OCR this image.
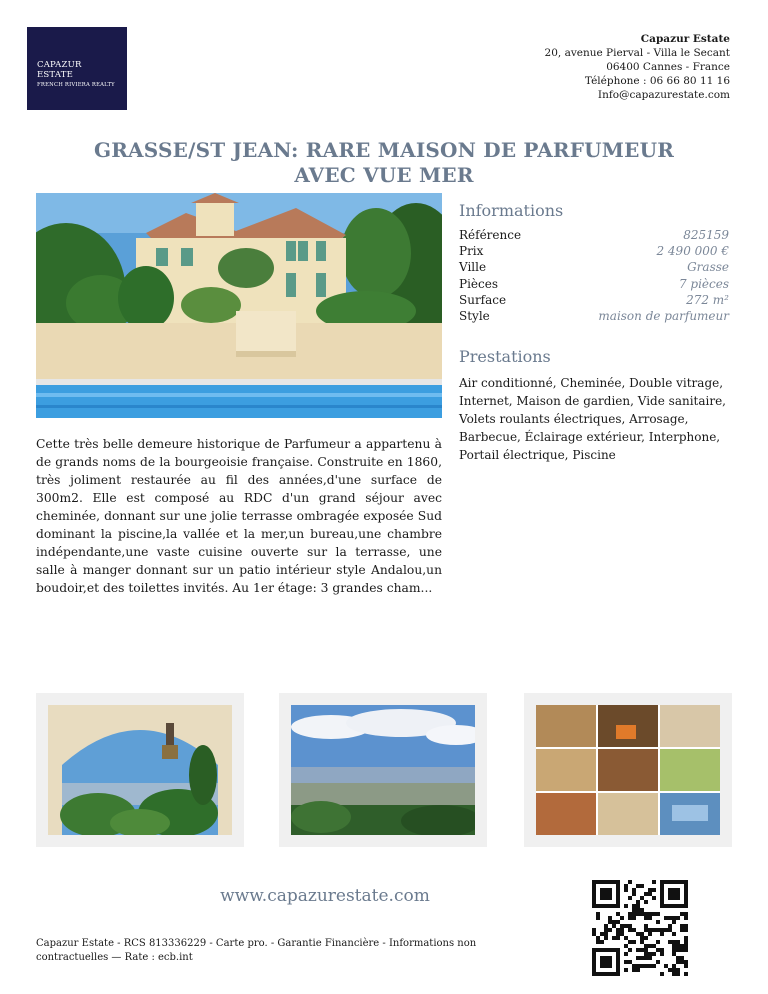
CAPAZUR ESTATE
FRENCH RIVIERA REALTY
Capazur Estate
20, avenue Pierval - Villa le Secant
06400 Cannes - France
Téléphone : 06 66 80 11 16
Info@capazurestate.com
GRASSE/ST JEAN: RARE MAISON DE PARFUMEUR
AVEC VUE MER

Cette très belle demeure historique de Parfumeur a appartenu à de grands noms de la bourgeoisie française. Construite en 1860, très joliment restaurée au fil des années,d'une surface de 300m2. Elle est composé au RDC d'un grand séjour avec cheminée, donnant sur une jolie terrasse ombragée exposée Sud dominant la piscine,la vallée et la mer,un bureau,une chambre indépendante,une vaste cuisine ouverte sur la terrasse, une salle à manger donnant sur un patio intérieur style Andalou,un boudoir,et des toilettes invités. Au 1er étage: 3 grandes cham...

Informations
Référence	825159
Prix	2 490 000 €
Ville	Grasse
Pièces	7 pièces
Surface	272 m²
Style	maison de parfumeur
Prestations

Air conditionné, Cheminée, Double vitrage, Internet, Maison de gardien, Vide sanitaire, Volets roulants électriques, Arrosage, Barbecue, Éclairage extérieur, Interphone, Portail électrique, Piscine

www.capazurestate.com
Capazur Estate - RCS 813336229 - Carte pro. - Garantie Financière - Informations non contractuelles — Rate : ecb.int
